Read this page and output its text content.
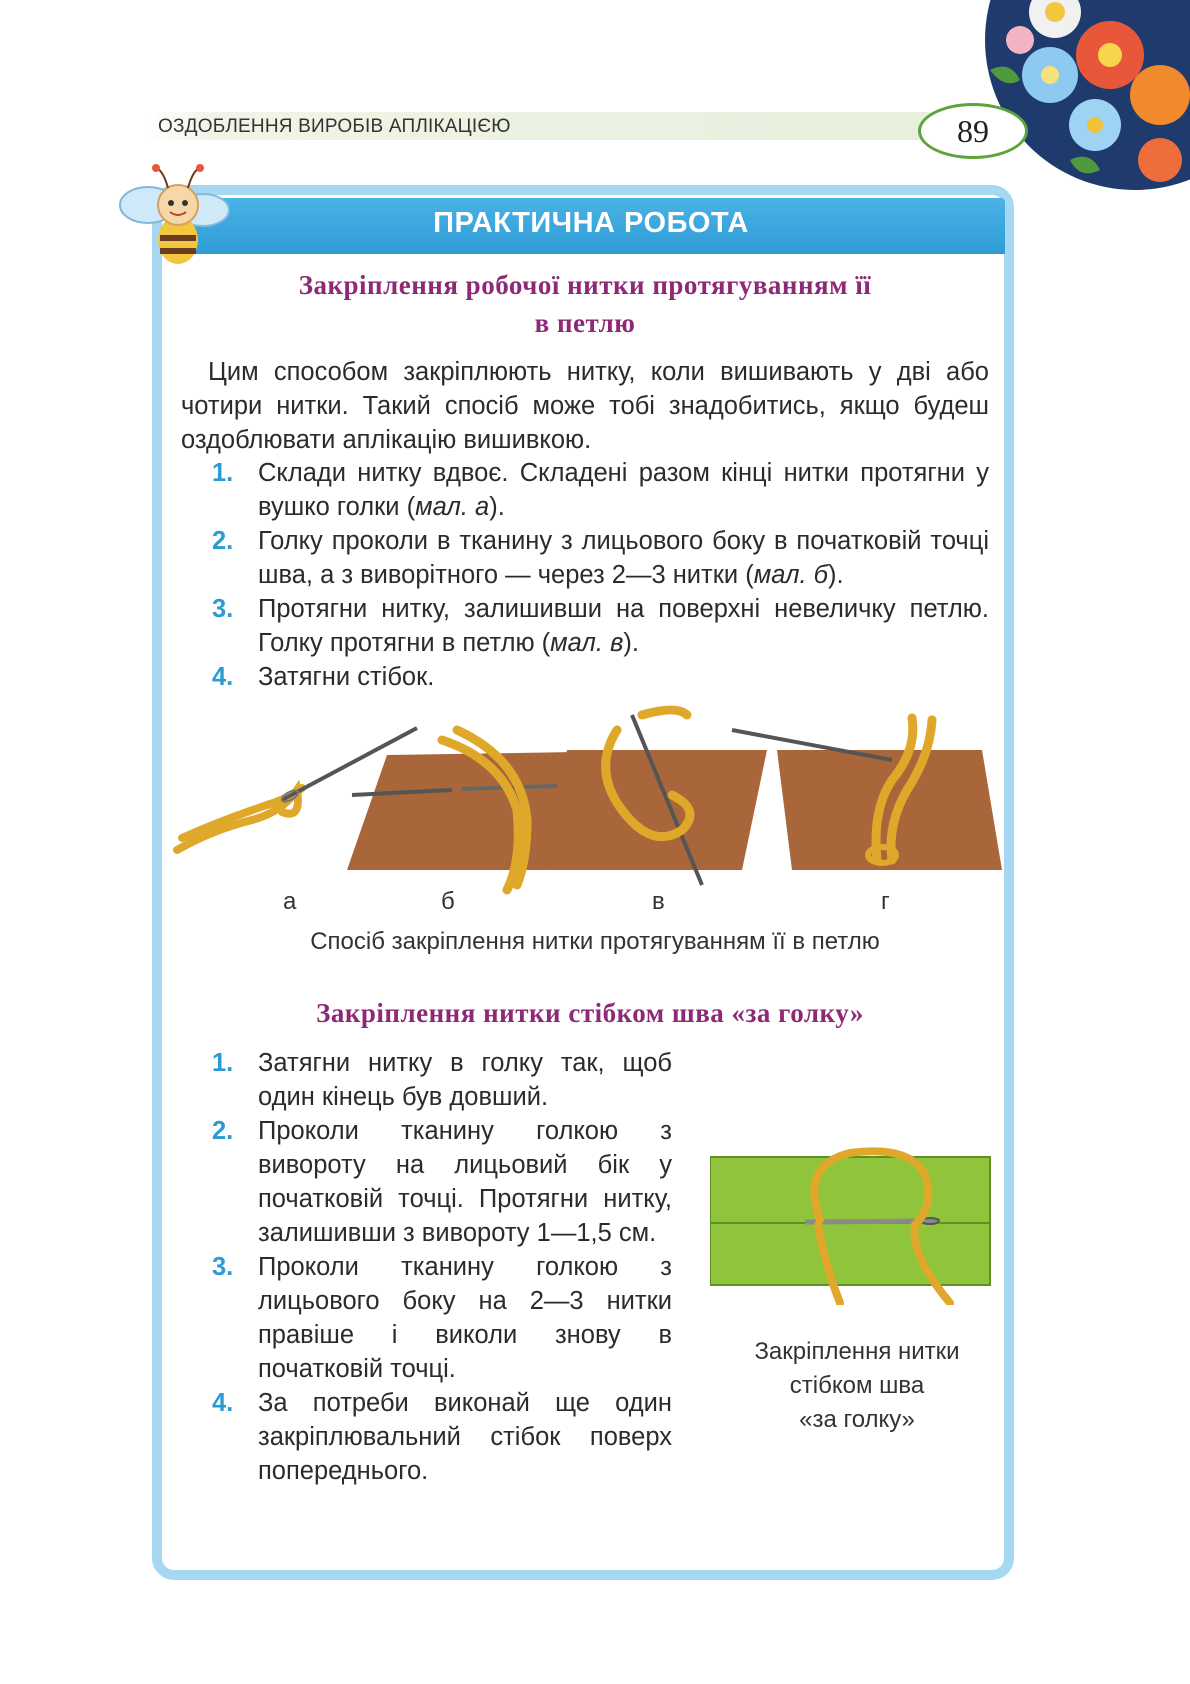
ОЗДОБЛЕННЯ ВИРОБІВ АПЛІКАЦІЄЮ	89
ПРАКТИЧНА РОБОТА
Закріплення робочої нитки протягуванням її
в петлю
Цим способом закріплюють нитку, коли вишивають у дві або чотири нитки. Такий спосіб може тобі знадобитись, якщо будеш оздоблювати аплікацію вишивкою.
1. Склади нитку вдвоє. Складені разом кінці нитки протягни у вушко голки (мал. а).
2. Голку проколи в тканину з лицьового боку в початковій точці шва, а з виворітного — через 2—3 нитки (мал. б).
3. Протягни нитку, залишивши на поверхні невеличку петлю. Голку протягни в петлю (мал. в).
4. Затягни стібок.
а	б	в	г
Спосіб закріплення нитки протягуванням її в петлю
Закріплення нитки стібком шва «за голку»
1. Затягни нитку в голку так, щоб один кінець був довший.
2. Проколи тканину голкою з вивороту на лицьовий бік у початковій точці. Протягни нитку, залишивши з вивороту 1—1,5 см.
3. Проколи тканину голкою з лицьового боку на 2—3 нитки правіше і виколи знову в початковій точці.
4. За потреби виконай ще один закріплювальний стібок поверх попереднього.
Закріплення нитки
стібком шва
«за голку»
